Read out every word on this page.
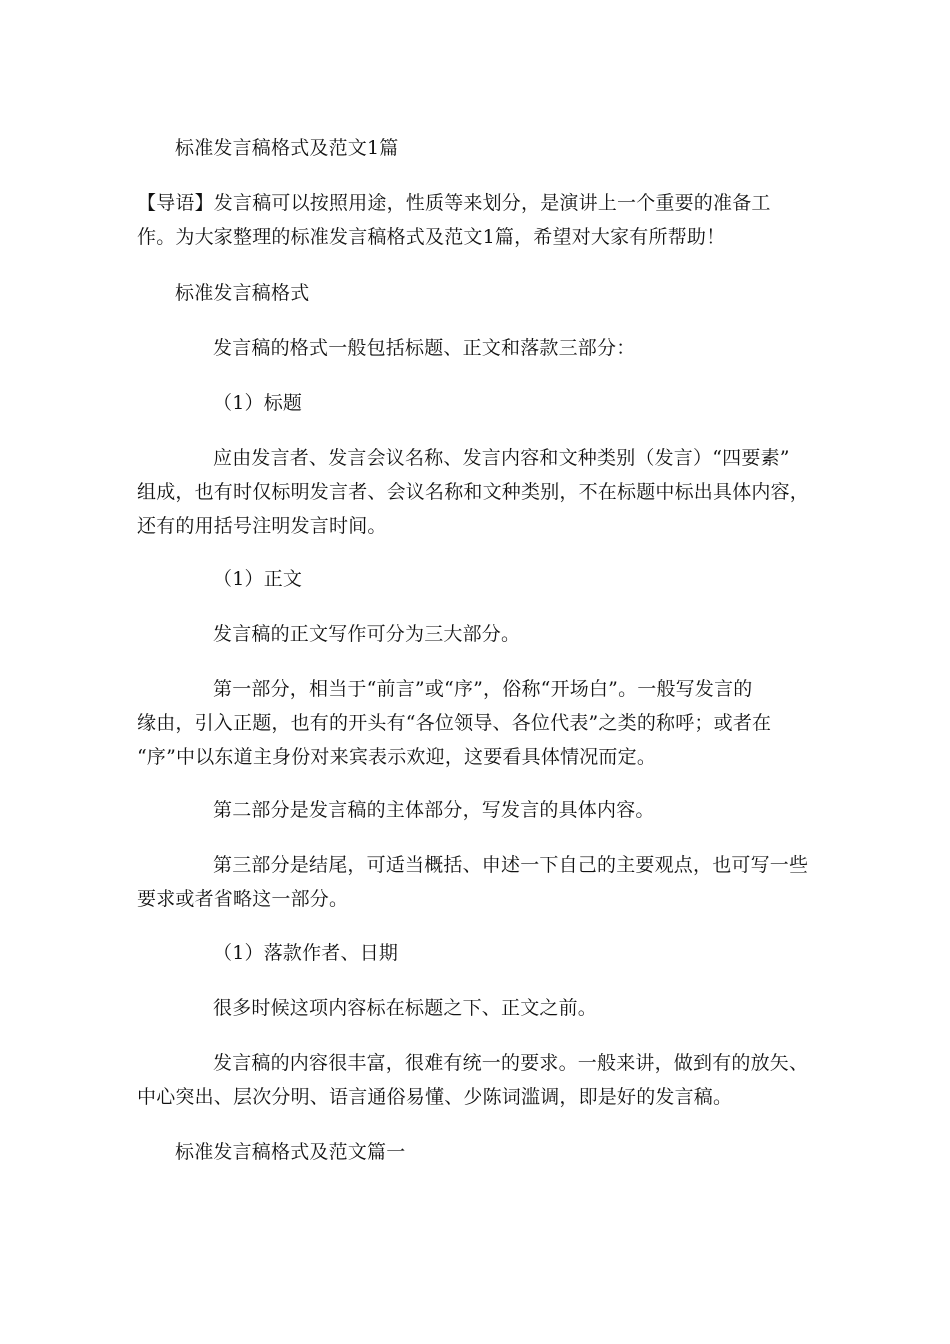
标准发言稿格式及范文1篇

【导语】发言稿可以按照用途，性质等来划分，是演讲上一个重要的准备工
作。为大家整理的标准发言稿格式及范文1篇，希望对大家有所帮助！

标准发言稿格式

发言稿的格式一般包括标题、正文和落款三部分：

（1）标题

应由发言者、发言会议名称、发言内容和文种类别（发言）“四要素”
组成，也有时仅标明发言者、会议名称和文种类别，不在标题中标出具体内容，
还有的用括号注明发言时间。

（1）正文

发言稿的正文写作可分为三大部分。

第一部分，相当于“前言”或“序”，俗称“开场白”。一般写发言的
缘由，引入正题，也有的开头有“各位领导、各位代表”之类的称呼；或者在
“序”中以东道主身份对来宾表示欢迎，这要看具体情况而定。

第二部分是发言稿的主体部分，写发言的具体内容。

第三部分是结尾，可适当概括、申述一下自己的主要观点，也可写一些
要求或者省略这一部分。

（1）落款作者、日期

很多时候这项内容标在标题之下、正文之前。

发言稿的内容很丰富，很难有统一的要求。一般来讲，做到有的放矢、
中心突出、层次分明、语言通俗易懂、少陈词滥调，即是好的发言稿。

标准发言稿格式及范文篇一
